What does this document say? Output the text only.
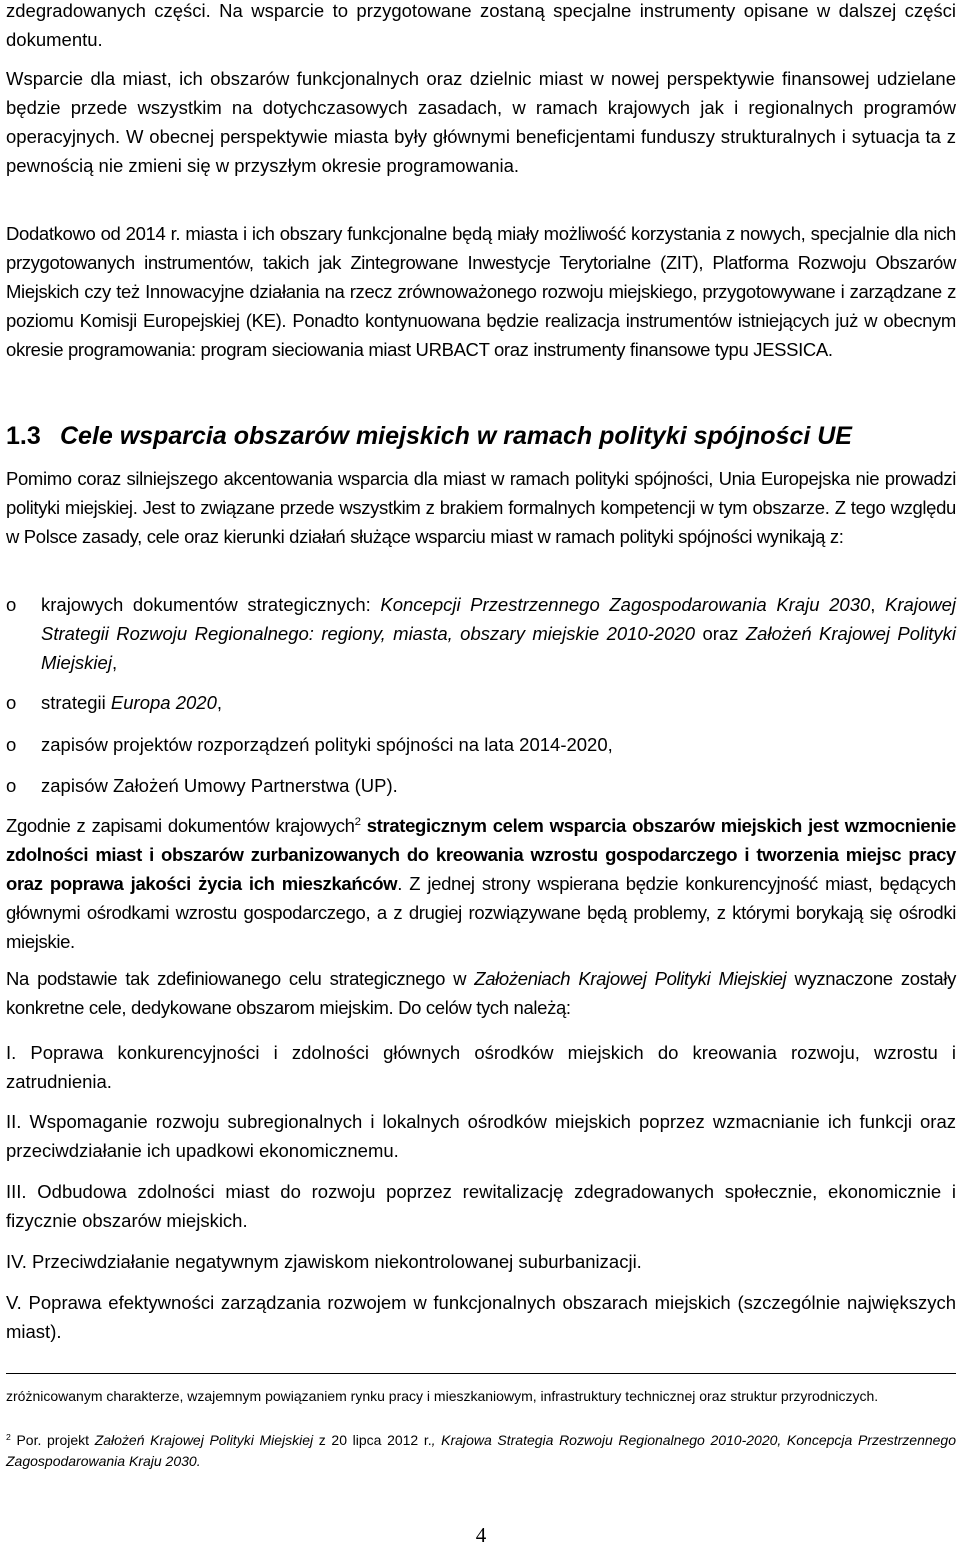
zdegradowanych części. Na wsparcie to przygotowane zostaną specjalne instrumenty opisane w dalszej części dokumentu.

Wsparcie dla miast, ich obszarów funkcjonalnych oraz dzielnic miast w nowej perspektywie finansowej udzielane będzie przede wszystkim na dotychczasowych zasadach, w ramach krajowych jak i regionalnych programów operacyjnych. W obecnej perspektywie miasta były głównymi beneficjentami funduszy strukturalnych i sytuacja ta z pewnością nie zmieni się w przyszłym okresie programowania.

Dodatkowo od 2014 r. miasta i ich obszary funkcjonalne będą miały możliwość korzystania z nowych, specjalnie dla nich przygotowanych instrumentów, takich jak Zintegrowane Inwestycje Terytorialne (ZIT), Platforma Rozwoju Obszarów Miejskich czy też Innowacyjne działania na rzecz zrównoważonego rozwoju miejskiego, przygotowywane i zarządzane z poziomu Komisji Europejskiej (KE). Ponadto kontynuowana będzie realizacja instrumentów istniejących już w obecnym okresie programowania: program sieciowania miast URBACT oraz instrumenty finansowe typu JESSICA.

1.3 Cele wsparcia obszarów miejskich w ramach polityki spójności UE

Pomimo coraz silniejszego akcentowania wsparcia dla miast w ramach polityki spójności, Unia Europejska nie prowadzi polityki miejskiej. Jest to związane przede wszystkim z brakiem formalnych kompetencji w tym obszarze. Z tego względu w Polsce zasady, cele oraz kierunki działań służące wsparciu miast w ramach polityki spójności wynikają z:

o krajowych dokumentów strategicznych: Koncepcji Przestrzennego Zagospodarowania Kraju 2030, Krajowej Strategii Rozwoju Regionalnego: regiony, miasta, obszary miejskie 2010-2020 oraz Założeń Krajowej Polityki Miejskiej,

o strategii Europa 2020,

o zapisów projektów rozporządzeń polityki spójności na lata 2014-2020,

o zapisów Założeń Umowy Partnerstwa (UP).

Zgodnie z zapisami dokumentów krajowych$^2$ strategicznym celem wsparcia obszarów miejskich jest wzmocnienie zdolności miast i obszarów zurbanizowanych do kreowania wzrostu gospodarczego i tworzenia miejsc pracy oraz poprawa jakości życia ich mieszkańców. Z jednej strony wspierana będzie konkurencyjność miast, będących głównymi ośrodkami wzrostu gospodarczego, a z drugiej rozwiązywane będą problemy, z którymi borykają się ośrodki miejskie.

Na podstawie tak zdefiniowanego celu strategicznego w Założeniach Krajowej Polityki Miejskiej wyznaczone zostały konkretne cele, dedykowane obszarom miejskim. Do celów tych należą:

I. Poprawa konkurencyjności i zdolności głównych ośrodków miejskich do kreowania rozwoju, wzrostu i zatrudnienia.

II. Wspomaganie rozwoju subregionalnych i lokalnych ośrodków miejskich poprzez wzmacnianie ich funkcji oraz przeciwdziałanie ich upadkowi ekonomicznemu.

III. Odbudowa zdolności miast do rozwoju poprzez rewitalizację zdegradowanych społecznie, ekonomicznie i fizycznie obszarów miejskich.

IV. Przeciwdziałanie negatywnym zjawiskom niekontrolowanej suburbanizacji.

V. Poprawa efektywności zarządzania rozwojem w funkcjonalnych obszarach miejskich (szczególnie największych miast).

zróżnicowanym charakterze, wzajemnym powiązaniem rynku pracy i mieszkaniowym, infrastruktury technicznej oraz struktur przyrodniczych.

$^2$ Por. projekt Założeń Krajowej Polityki Miejskiej z 20 lipca 2012 r., Krajowa Strategia Rozwoju Regionalnego 2010-2020, Koncepcja Przestrzennego Zagospodarowania Kraju 2030.

4
